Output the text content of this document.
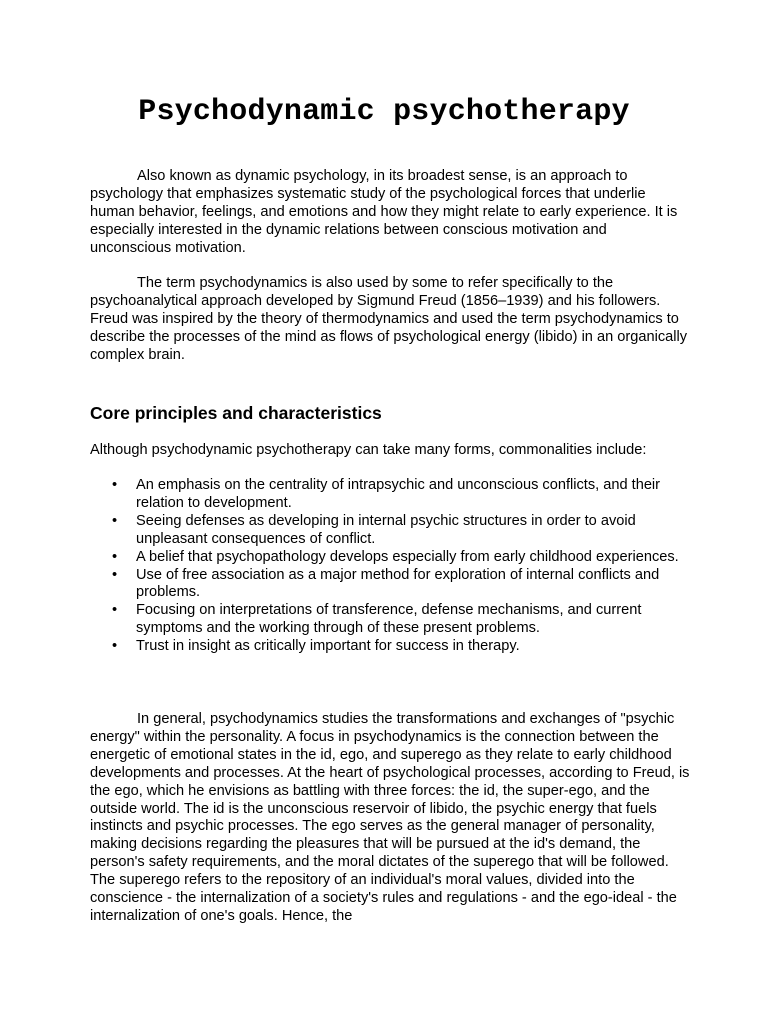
Psychodynamic psychotherapy

Also known as dynamic psychology, in its broadest sense, is an approach to psychology that emphasizes systematic study of the psychological forces that underlie human behavior, feelings, and emotions and how they might relate to early experience. It is especially interested in the dynamic relations between conscious motivation and unconscious motivation.

The term psychodynamics is also used by some to refer specifically to the psychoanalytical approach developed by Sigmund Freud (1856–1939) and his followers. Freud was inspired by the theory of thermodynamics and used the term psychodynamics to describe the processes of the mind as flows of psychological energy (libido) in an organically complex brain.

Core principles and characteristics

Although psychodynamic psychotherapy can take many forms, commonalities include:

• An emphasis on the centrality of intrapsychic and unconscious conflicts, and their relation to development.
• Seeing defenses as developing in internal psychic structures in order to avoid unpleasant consequences of conflict.
• A belief that psychopathology develops especially from early childhood experiences.
• Use of free association as a major method for exploration of internal conflicts and problems.
• Focusing on interpretations of transference, defense mechanisms, and current symptoms and the working through of these present problems.
• Trust in insight as critically important for success in therapy.

In general, psychodynamics studies the transformations and exchanges of "psychic energy" within the personality. A focus in psychodynamics is the connection between the energetic of emotional states in the id, ego, and superego as they relate to early childhood developments and processes. At the heart of psychological processes, according to Freud, is the ego, which he envisions as battling with three forces: the id, the super-ego, and the outside world. The id is the unconscious reservoir of libido, the psychic energy that fuels instincts and psychic processes. The ego serves as the general manager of personality, making decisions regarding the pleasures that will be pursued at the id's demand, the person's safety requirements, and the moral dictates of the superego that will be followed. The superego refers to the repository of an individual's moral values, divided into the conscience - the internalization of a society's rules and regulations - and the ego-ideal - the internalization of one's goals. Hence, the
